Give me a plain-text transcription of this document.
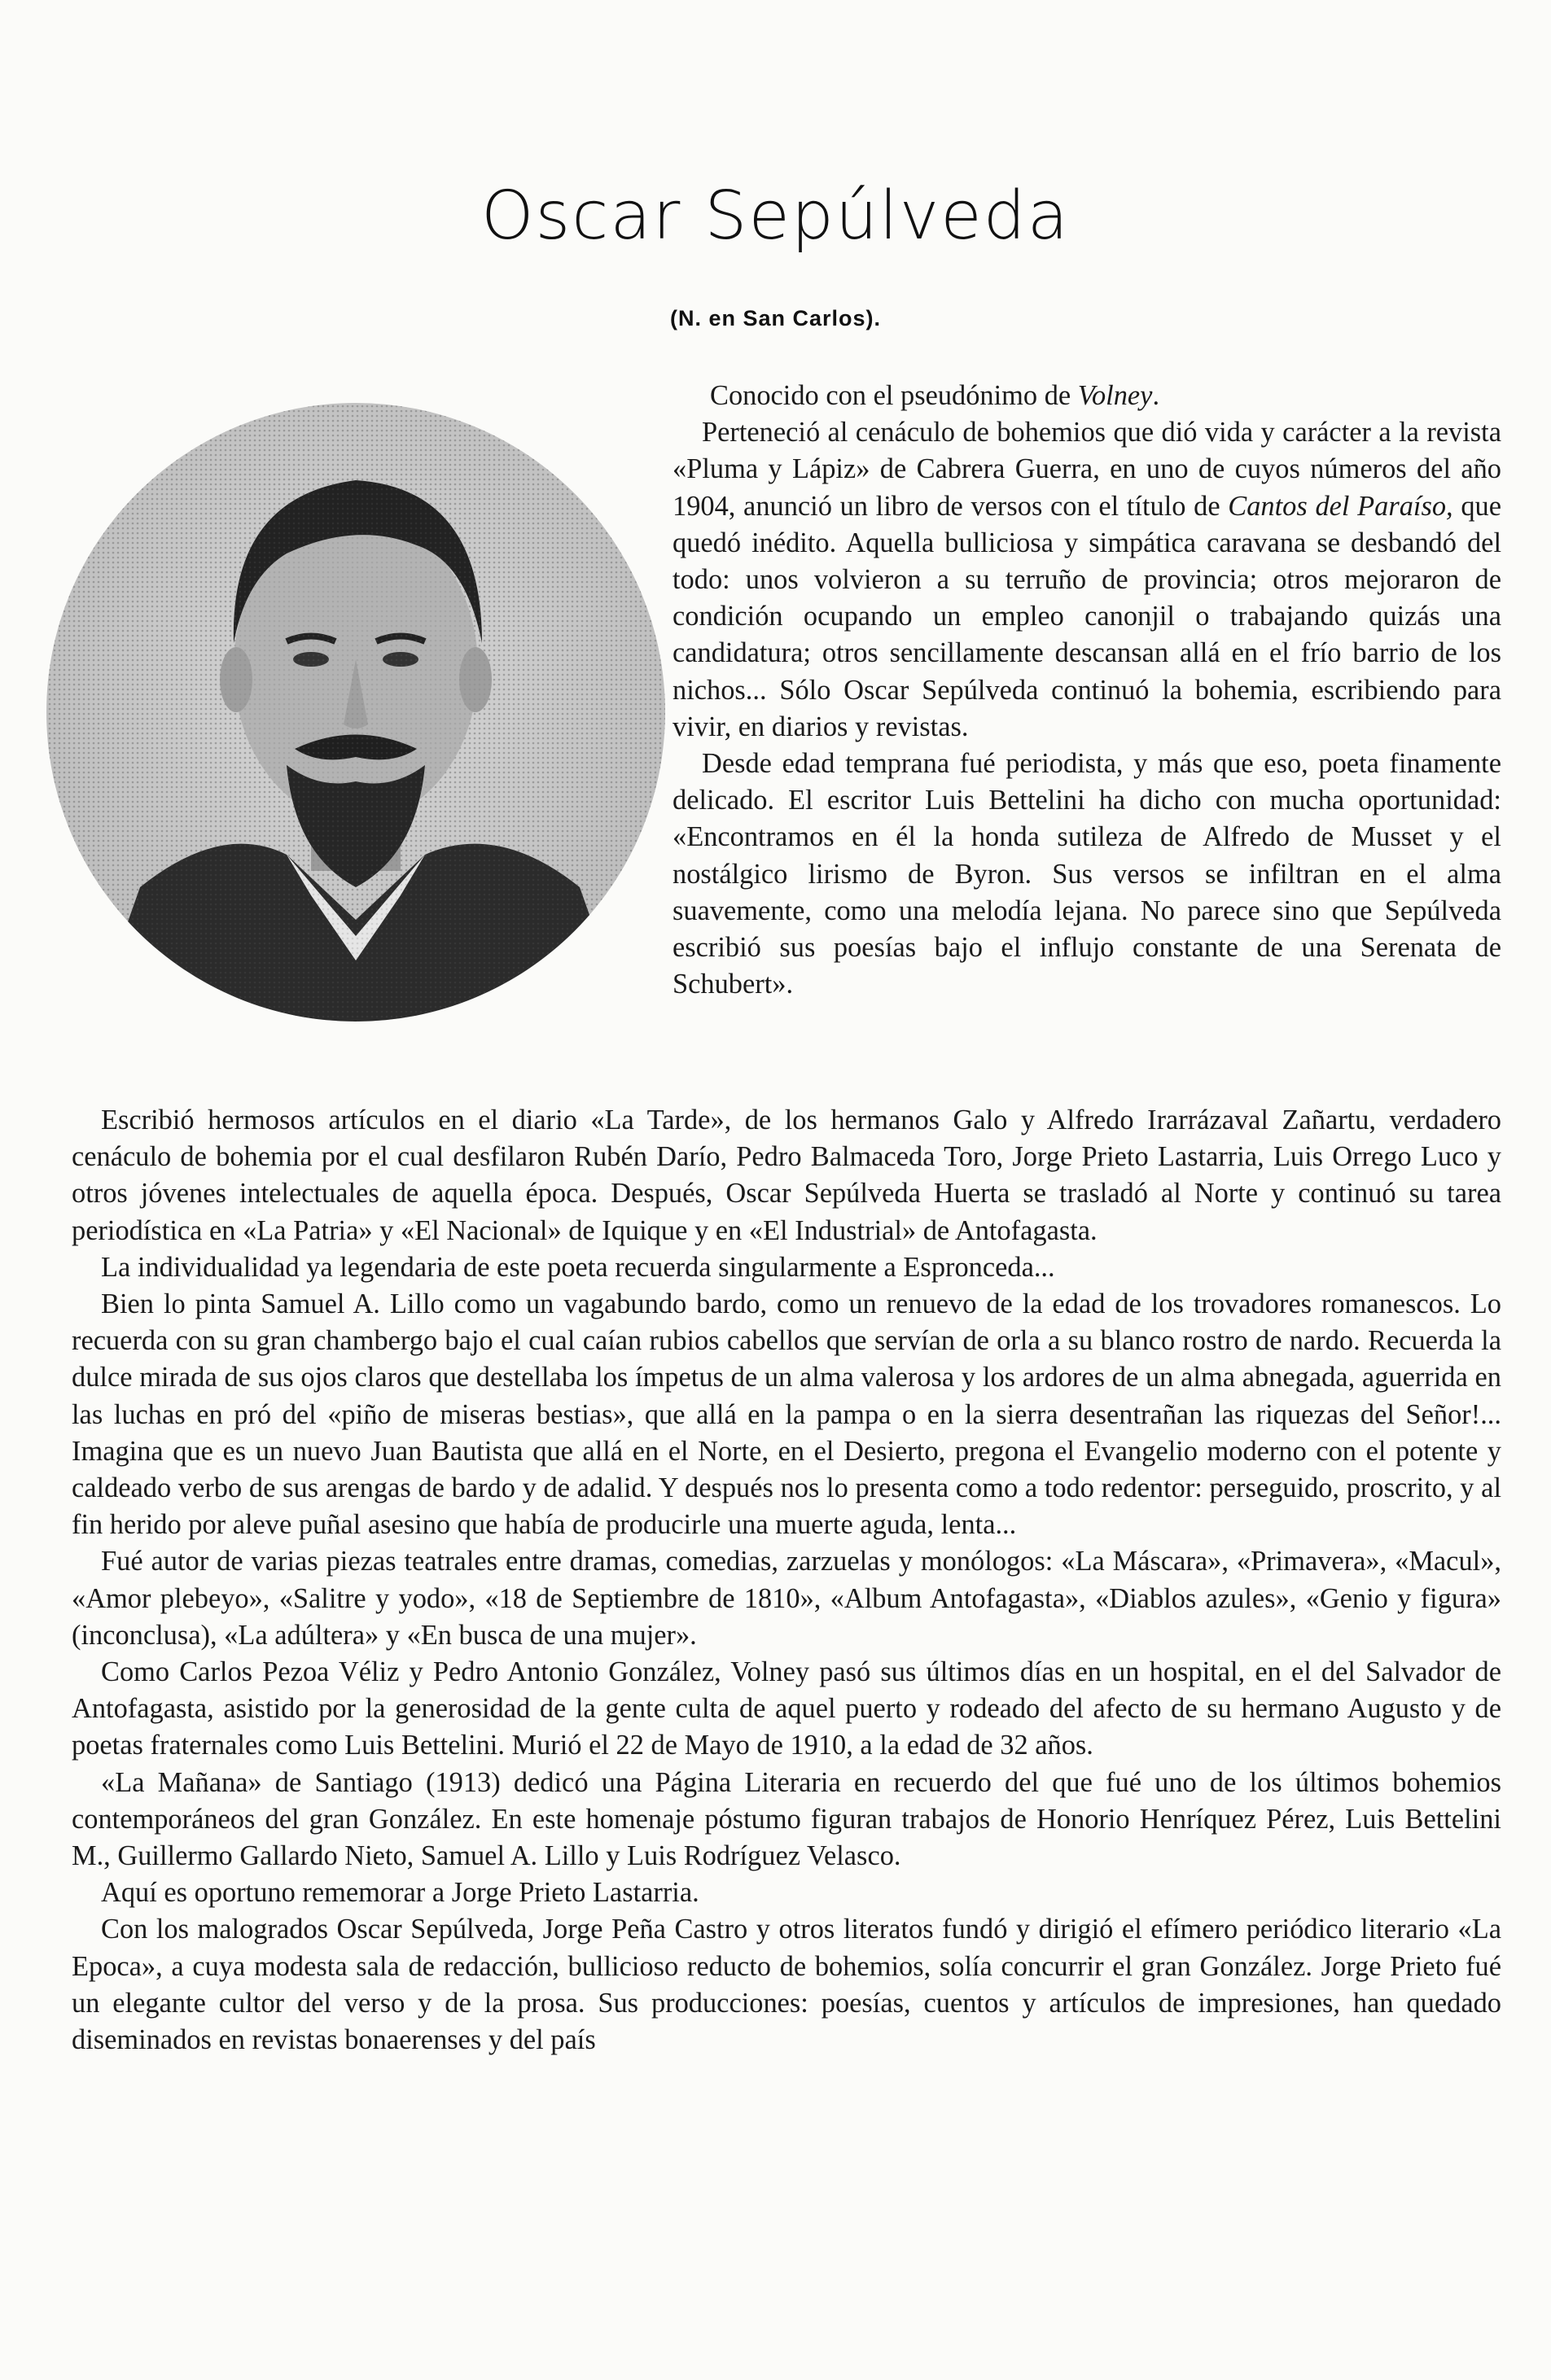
Oscar Sepúlveda
(N. en San Carlos).

Conocido con el pseudónimo de Volney.

Perteneció al cenáculo de bohemios que dió vida y carácter a la revista «Pluma y Lápiz» de Cabrera Guerra, en uno de cuyos números del año 1904, anunció un libro de versos con el título de Cantos del Paraíso, que quedó inédito. Aquella bulliciosa y simpática caravana se desbandó del todo: unos volvieron a su terruño de provincia; otros mejoraron de condición ocupando un empleo canonjil o trabajando quizás una candidatura; otros sencillamente descansan allá en el frío barrio de los nichos... Sólo Oscar Sepúlveda continuó la bohemia, escribiendo para vivir, en diarios y revistas.

Desde edad temprana fué periodista, y más que eso, poeta finamente delicado. El escritor Luis Bettelini ha dicho con mucha oportunidad: «Encontramos en él la honda sutileza de Alfredo de Musset y el nostálgico lirismo de Byron. Sus versos se infiltran en el alma suavemente, como una melodía lejana. No parece sino que Sepúlveda escribió sus poesías bajo el influjo constante de una Serenata de Schubert».

Escribió hermosos artículos en el diario «La Tarde», de los hermanos Galo y Alfredo Irarrázaval Zañartu, verdadero cenáculo de bohemia por el cual desfilaron Rubén Darío, Pedro Balmaceda Toro, Jorge Prieto Lastarria, Luis Orrego Luco y otros jóvenes intelectuales de aquella época. Después, Oscar Sepúlveda Huerta se trasladó al Norte y continuó su tarea periodística en «La Patria» y «El Nacional» de Iquique y en «El Industrial» de Antofagasta.

La individualidad ya legendaria de este poeta recuerda singularmente a Espronceda...

Bien lo pinta Samuel A. Lillo como un vagabundo bardo, como un renuevo de la edad de los trovadores romanescos. Lo recuerda con su gran chambergo bajo el cual caían rubios cabellos que servían de orla a su blanco rostro de nardo. Recuerda la dulce mirada de sus ojos claros que destellaba los ímpetus de un alma valerosa y los ardores de un alma abnegada, aguerrida en las luchas en pró del «piño de miseras bestias», que allá en la pampa o en la sierra desentrañan las riquezas del Señor!... Imagina que es un nuevo Juan Bautista que allá en el Norte, en el Desierto, pregona el Evangelio moderno con el potente y caldeado verbo de sus arengas de bardo y de adalid. Y después nos lo presenta como a todo redentor: perseguido, proscrito, y al fin herido por aleve puñal asesino que había de producirle una muerte aguda, lenta...

Fué autor de varias piezas teatrales entre dramas, comedias, zarzuelas y monólogos: «La Máscara», «Primavera», «Macul», «Amor plebeyo», «Salitre y yodo», «18 de Septiembre de 1810», «Album Antofagasta», «Diablos azules», «Genio y figura» (inconclusa), «La adúltera» y «En busca de una mujer».

Como Carlos Pezoa Véliz y Pedro Antonio González, Volney pasó sus últimos días en un hospital, en el del Salvador de Antofagasta, asistido por la generosidad de la gente culta de aquel puerto y rodeado del afecto de su hermano Augusto y de poetas fraternales como Luis Bettelini. Murió el 22 de Mayo de 1910, a la edad de 32 años.

«La Mañana» de Santiago (1913) dedicó una Página Literaria en recuerdo del que fué uno de los últimos bohemios contemporáneos del gran González. En este homenaje póstumo figuran trabajos de Honorio Henríquez Pérez, Luis Bettelini M., Guillermo Gallardo Nieto, Samuel A. Lillo y Luis Rodríguez Velasco.

Aquí es oportuno rememorar a Jorge Prieto Lastarria.

Con los malogrados Oscar Sepúlveda, Jorge Peña Castro y otros literatos fundó y dirigió el efímero periódico literario «La Epoca», a cuya modesta sala de redacción, bullicioso reducto de bohemios, solía concurrir el gran González. Jorge Prieto fué un elegante cultor del verso y de la prosa. Sus producciones: poesías, cuentos y artículos de impresiones, han quedado diseminados en revistas bonaerenses y del país
